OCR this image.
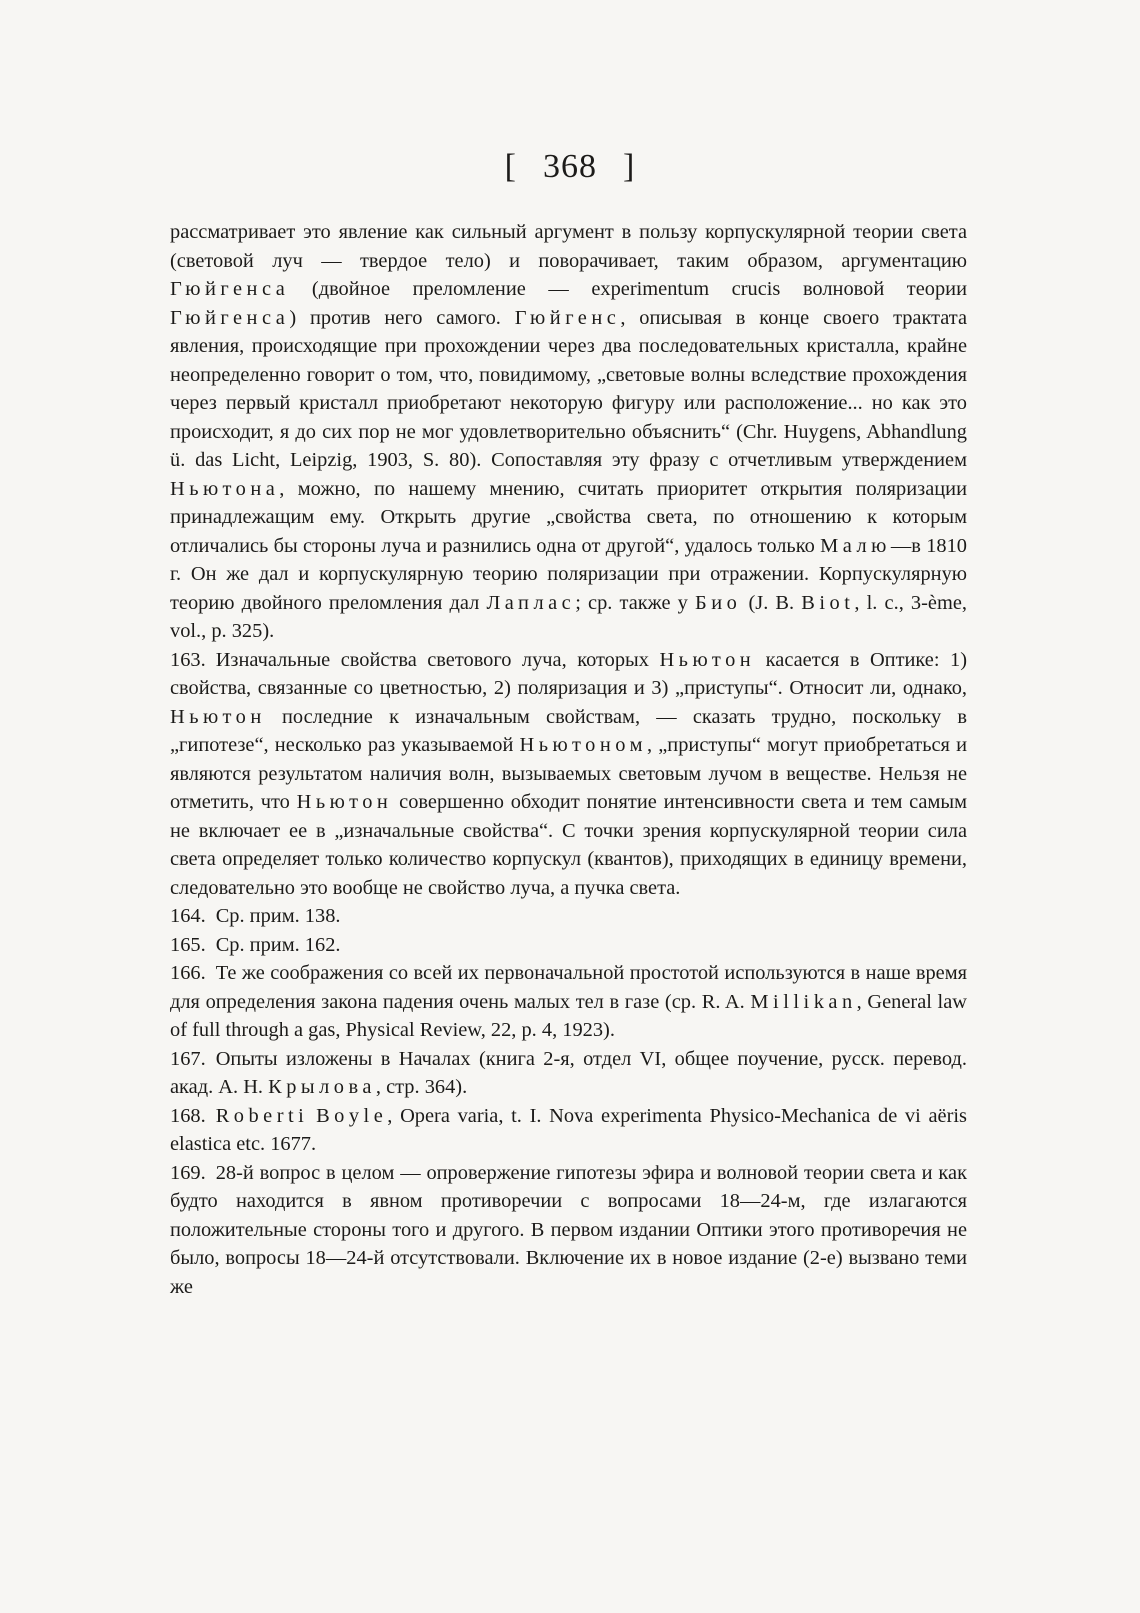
[ 368 ]

рассматривает это явление как сильный аргумент в пользу корпускулярной теории света (световой луч — твердое тело) и поворачивает, таким образом, аргументацию Гюйгенса (двойное преломление — experimentum crucis волновой теории Гюйгенса) против него самого. Гюйгенс, описывая в конце своего трактата явления, происходящие при прохождении через два последовательных кристалла, крайне неопределенно говорит о том, что, повидимому, „световые волны вследствие прохождения через первый кристалл приобретают некоторую фигуру или расположение... но как это происходит, я до сих пор не мог удовлетворительно объяснить“ (Chr. Huygens, Abhandlung ü. das Licht, Leipzig, 1903, S. 80). Сопоставляя эту фразу с отчетливым утверждением Ньютона, можно, по нашему мнению, считать приоритет открытия поляризации принадлежащим ему. Открыть другие „свойства света, по отношению к которым отличались бы стороны луча и разнились одна от другой“, удалось только Малю—в 1810 г. Он же дал и корпускулярную теорию поляризации при отражении. Корпускулярную теорию двойного преломления дал Лаплас; ср. также у Био (J. B. Biot, l. c., 3-ème, vol., p. 325).

163. Изначальные свойства светового луча, которых Ньютон касается в Оптике: 1) свойства, связанные со цветностью, 2) поляризация и 3) „приступы“. Относит ли, однако, Ньютон последние к изначальным свойствам, — сказать трудно, поскольку в „гипотезе“, несколько раз указываемой Ньютоном, „приступы“ могут приобретаться и являются результатом наличия волн, вызываемых световым лучом в веществе. Нельзя не отметить, что Ньютон совершенно обходит понятие интенсивности света и тем самым не включает ее в „изначальные свойства“. С точки зрения корпускулярной теории сила света определяет только количество корпускул (квантов), приходящих в единицу времени, следовательно это вообще не свойство луча, а пучка света.

164. Ср. прим. 138.

165. Ср. прим. 162.

166. Те же соображения со всей их первоначальной простотой используются в наше время для определения закона падения очень малых тел в газе (ср. R. A. Millikan, General law of full through a gas, Physical Review, 22, p. 4, 1923).

167. Опыты изложены в Началах (книга 2-я, отдел VI, общее поучение, русск. перевод. акад. А. Н. Крылова, стр. 364).

168. Roberti Boyle, Opera varia, t. I. Nova experimenta Physico-Mechanica de vi aëris elastica etc. 1677.

169. 28-й вопрос в целом — опровержение гипотезы эфира и волновой теории света и как будто находится в явном противоречии с вопросами 18—24-м, где излагаются положительные стороны того и другого. В первом издании Оптики этого противоречия не было, вопросы 18—24-й отсутствовали. Включение их в новое издание (2-е) вызвано теми же
